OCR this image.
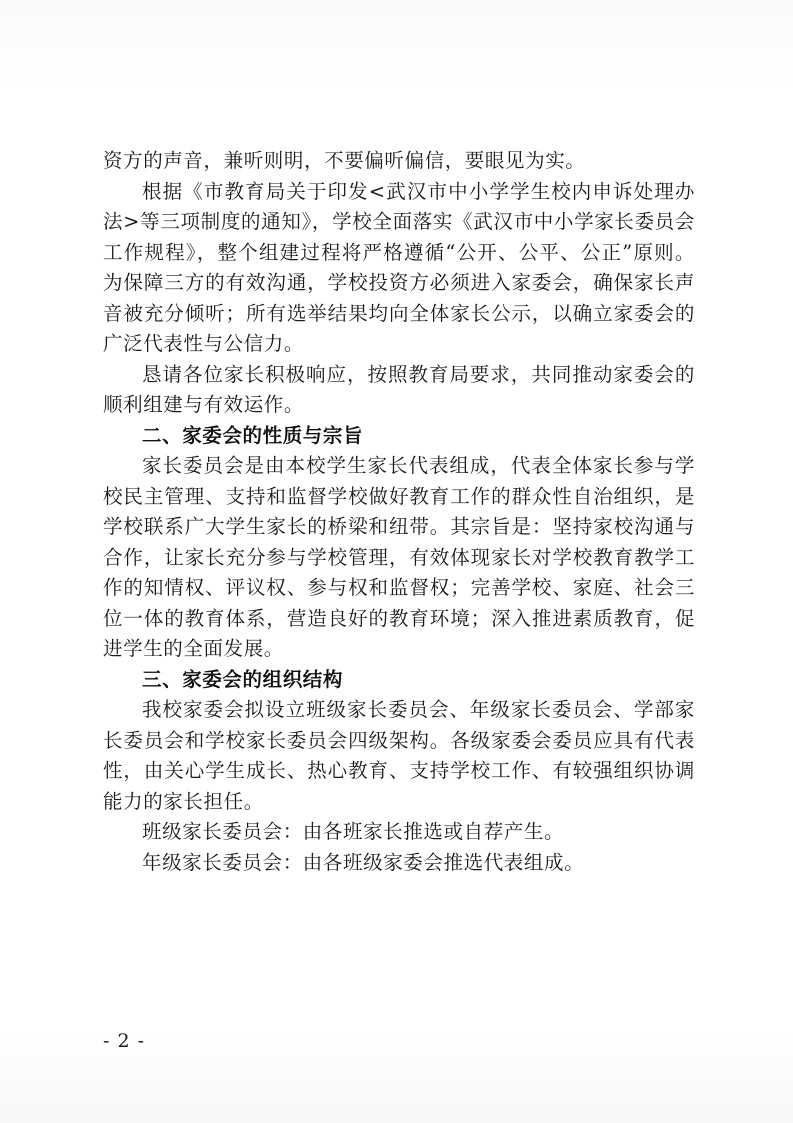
资方的声音，兼听则明，不要偏听偏信，要眼见为实。

根据《市教育局关于印发<武汉市中小学学生校内申诉处理办法>等三项制度的通知》，学校全面落实《武汉市中小学家长委员会工作规程》，整个组建过程将严格遵循“公开、公平、公正”原则。为保障三方的有效沟通，学校投资方必须进入家委会，确保家长声音被充分倾听；所有选举结果均向全体家长公示，以确立家委会的广泛代表性与公信力。

恳请各位家长积极响应，按照教育局要求，共同推动家委会的顺利组建与有效运作。

二、家委会的性质与宗旨

家长委员会是由本校学生家长代表组成，代表全体家长参与学校民主管理、支持和监督学校做好教育工作的群众性自治组织，是学校联系广大学生家长的桥梁和纽带。其宗旨是：坚持家校沟通与合作，让家长充分参与学校管理，有效体现家长对学校教育教学工作的知情权、评议权、参与权和监督权；完善学校、家庭、社会三位一体的教育体系，营造良好的教育环境；深入推进素质教育，促进学生的全面发展。

三、家委会的组织结构

我校家委会拟设立班级家长委员会、年级家长委员会、学部家长委员会和学校家长委员会四级架构。各级家委会委员应具有代表性，由关心学生成长、热心教育、支持学校工作、有较强组织协调能力的家长担任。

班级家长委员会：由各班家长推选或自荐产生。

年级家长委员会：由各班级家委会推选代表组成。

- 2 -
